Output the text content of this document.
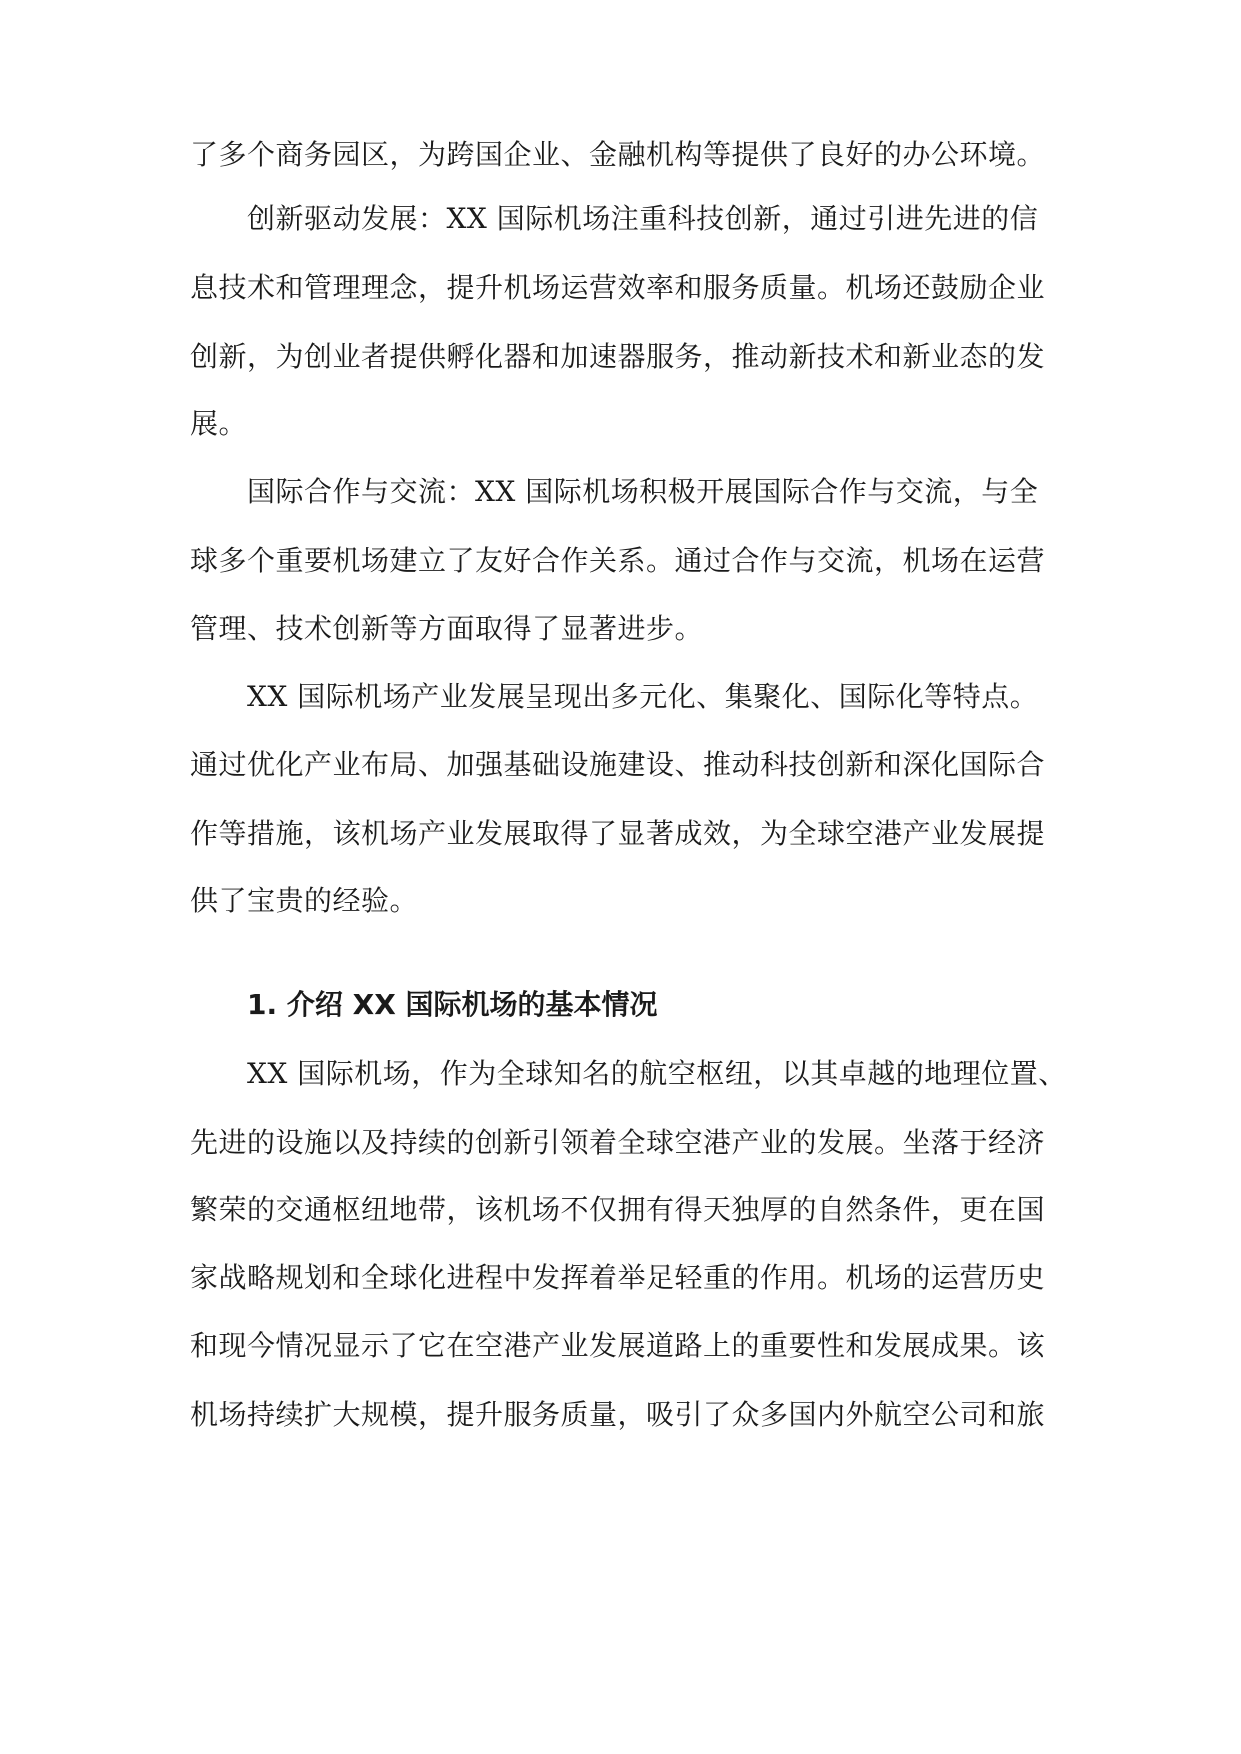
了多个商务园区，为跨国企业、金融机构等提供了良好的办公环境。
创新驱动发展：XX 国际机场注重科技创新，通过引进先进的信
息技术和管理理念，提升机场运营效率和服务质量。机场还鼓励企业
创新，为创业者提供孵化器和加速器服务，推动新技术和新业态的发
展。
国际合作与交流：XX 国际机场积极开展国际合作与交流，与全
球多个重要机场建立了友好合作关系。通过合作与交流，机场在运营
管理、技术创新等方面取得了显著进步。
XX 国际机场产业发展呈现出多元化、集聚化、国际化等特点。
通过优化产业布局、加强基础设施建设、推动科技创新和深化国际合
作等措施，该机场产业发展取得了显著成效，为全球空港产业发展提
供了宝贵的经验。
1. 介绍 XX 国际机场的基本情况
XX 国际机场，作为全球知名的航空枢纽，以其卓越的地理位置、
先进的设施以及持续的创新引领着全球空港产业的发展。坐落于经济
繁荣的交通枢纽地带，该机场不仅拥有得天独厚的自然条件，更在国
家战略规划和全球化进程中发挥着举足轻重的作用。机场的运营历史
和现今情况显示了它在空港产业发展道路上的重要性和发展成果。该
机场持续扩大规模，提升服务质量，吸引了众多国内外航空公司和旅
